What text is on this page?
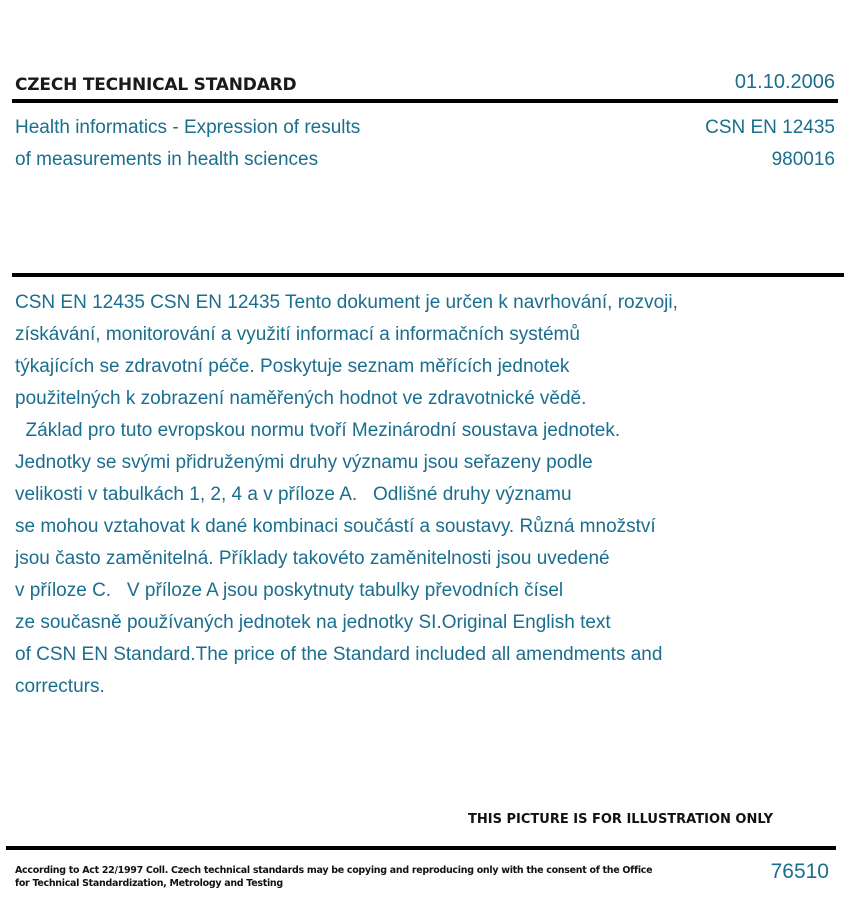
CZECH TECHNICAL STANDARD	01.10.2006
Health informatics - Expression of results
of measurements in health sciences
CSN EN 12435
980016

CSN EN 12435 CSN EN 12435 Tento dokument je určen k navrhování, rozvoji,

získávání, monitorování a využití informací a informačních systémů

týkajících se zdravotní péče. Poskytuje seznam měřících jednotek

použitelných k zobrazení naměřených hodnot ve zdravotnické vědě.

Základ pro tuto evropskou normu tvoří Mezinárodní soustava jednotek.

Jednotky se svými přidruženými druhy významu jsou seřazeny podle

velikosti v tabulkách 1, 2, 4 a v příloze A.   Odlišné druhy významu

se mohou vztahovat k dané kombinaci součástí a soustavy. Různá množství

jsou často zaměnitelná. Příklady takovéto zaměnitelnosti jsou uvedené

v příloze C.   V příloze A jsou poskytnuty tabulky převodních čísel

ze současně používaných jednotek na jednotky SI.Original English text

of CSN EN Standard.The price of the Standard included all amendments and

correcturs.

THIS PICTURE IS FOR ILLUSTRATION ONLY
According to Act 22/1997 Coll. Czech technical standards may be copying and reproducing only with the consent of the Office
for Technical Standardization, Metrology and Testing
76510
